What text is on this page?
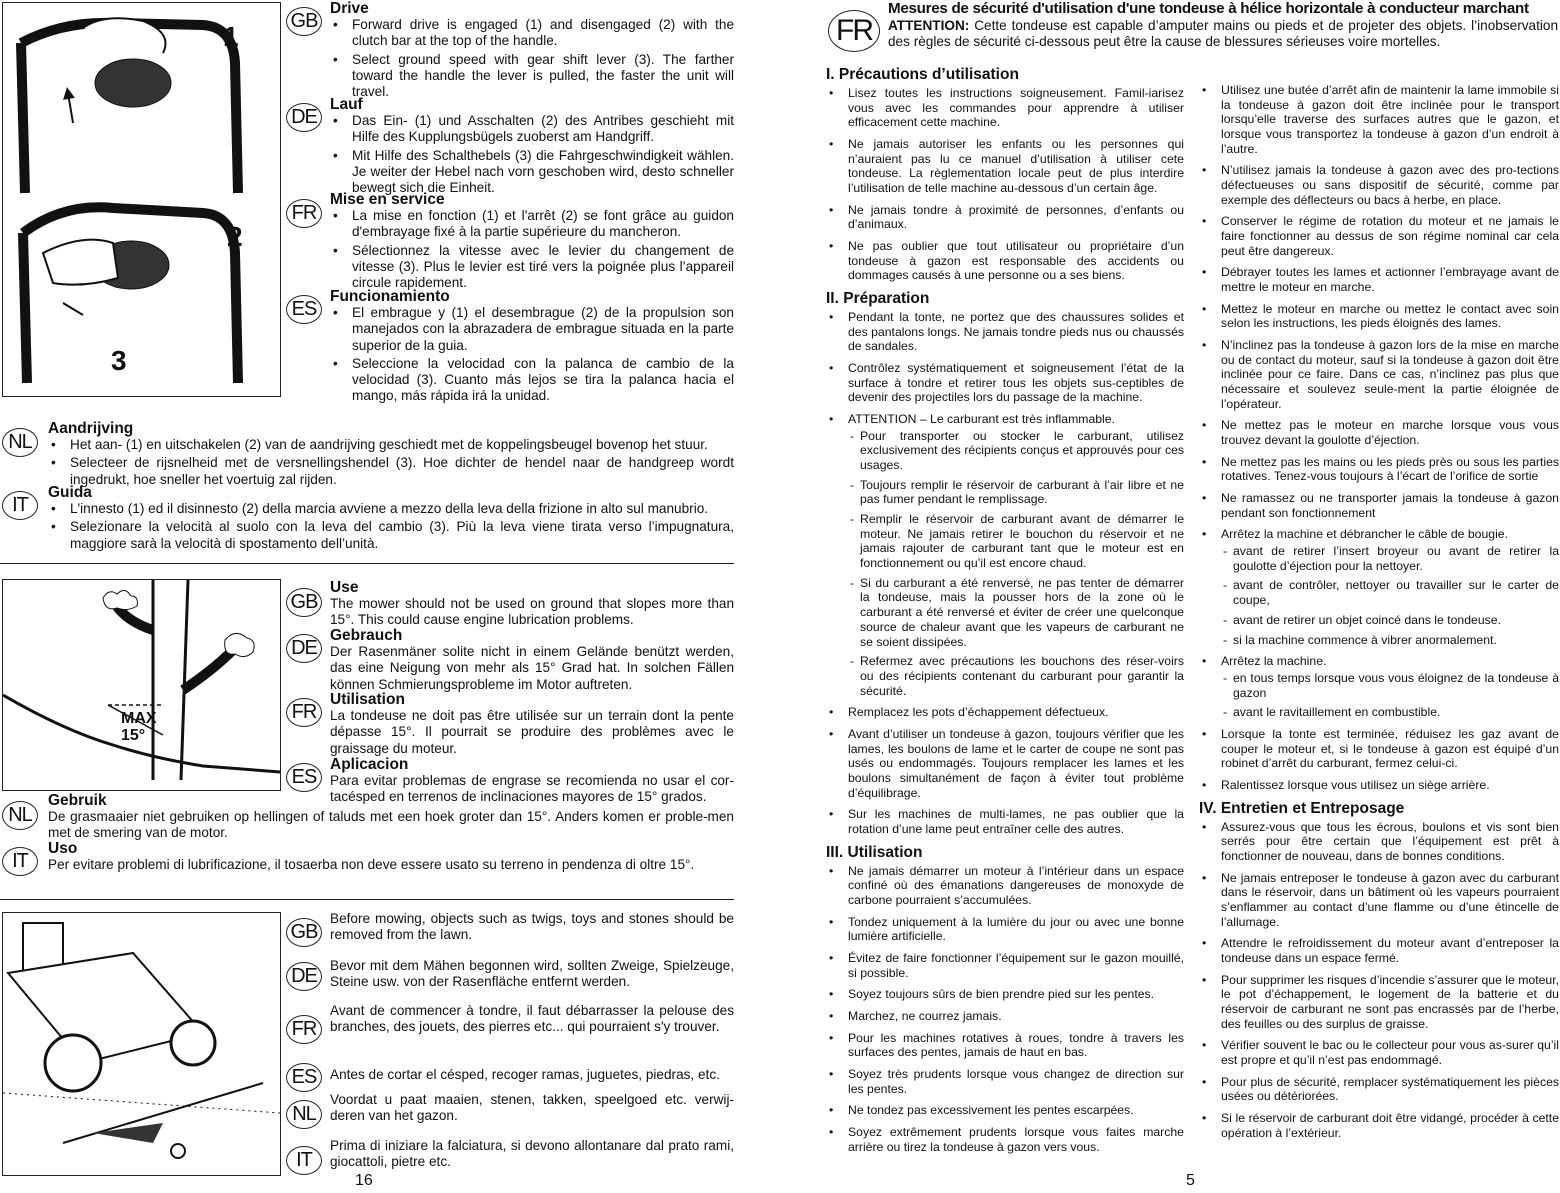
1
2
3
GB
Drive
• Forward drive is engaged (1) and disengaged (2) with the clutch bar at the top of the handle.
• Select ground speed with gear shift lever (3). The farther toward the handle the lever is pulled, the faster the unit will travel.
DE
Lauf
• Das Ein- (1) und Asschalten (2) des Antribes geschieht mit Hilfe des Kupplungsbügels zuoberst am Handgriff.
• Mit Hilfe des Schalthebels (3) die Fahrgeschwindigkeit wählen. Je weiter der Hebel nach vorn geschoben wird, desto schneller bewegt sich die Einheit.
FR
Mise en service
• La mise en fonction (1) et l'arrêt (2) se font grâce au guidon d'embrayage fixé à la partie supérieure du mancheron.
• Sélectionnez la vitesse avec le levier du changement de vitesse (3). Plus le levier est tiré vers la poignée plus l’appareil circule rapidement.
ES
Funcionamiento
• El embrague y (1) el desembrague (2) de la propulsion son manejados con la abrazadera de embrague situada en la parte superior de la guia.
• Seleccione la velocidad con la palanca de cambio de la velocidad (3). Cuanto más lejos se tira la palanca hacia el mango, más rápida irá la unidad.
NL
Aandrijving
• Het aan- (1) en uitschakelen (2) van de aandrijving geschiedt met de koppelingsbeugel bovenop het stuur.
• Selecteer de rijsnelheid met de versnellingshendel (3). Hoe dichter de hendel naar de handgreep wordt ingedrukt, hoe sneller het voertuig zal rijden.
IT
Guida
• L'innesto (1) ed il disinnesto (2) della marcia avviene a mezzo della leva della frizione in alto sul manubrio.
• Selezionare la velocità al suolo con la leva del cambio (3). Più la leva viene tirata verso l’impugnatura, maggiore sarà la velocità di spostamento dell’unità.
MAX
15°
GB
Use
The mower should not be used on ground that slopes more than 15°. This could cause engine lubrication problems.
DE
Gebrauch
Der Rasenmäner solite nicht in einem Gelände benützt werden, das eine Neigung von mehr als 15° Grad hat. In solchen Fällen können Schmierungsprobleme im Motor auftreten.
FR
Utilisation
La tondeuse ne doit pas être utilisée sur un terrain dont la pente dépasse 15°. Il pourrait se produire des problèmes avec le graissage du moteur.
ES
Aplicacion
Para evitar problemas de engrase se recomienda no usar el cor-tacésped en terrenos de inclinaciones mayores de 15° grados.
NL
Gebruik
De grasmaaier niet gebruiken op hellingen of taluds met een hoek groter dan 15°. Anders komen er proble-men met de smering van de motor.
IT
Uso
Per evitare problemi di lubrificazione, il tosaerba non deve essere usato su terreno in pendenza di oltre 15°.
GB
Before mowing, objects such as twigs, toys and stones should be removed from the lawn.
DE Bevor mit dem Mähen begonnen wird, sollten Zweige, Spielzeuge, Steine usw. von der Rasenfläche entfernt werden.
FR
Avant de commencer à tondre, il faut débarrasser la pelouse des branches, des jouets, des pierres etc... qui pourraient s'y trouver.
ES	Antes de cortar el césped, recoger ramas, juguetes, piedras, etc.
NL
Voordat u paat maaien, stenen, takken, speelgoed etc. verwij-deren van het gazon.
IT
Prima di iniziare la falciatura, si devono allontanare dal prato rami, giocattoli, pietre etc.
16
FR
Mesures de sécurité d'utilisation d'une tondeuse à hélice horizontale à conducteur marchant
ATTENTION: Cette tondeuse est capable d’amputer mains ou pieds et de projeter des objets. l’inobservation des règles de sécurité ci-dessous peut être la cause de blessures sérieuses voire mortelles.
I. Précautions d’utilisation
• Lisez toutes les instructions soigneusement. Famil-iarisez vous avec les commandes pour apprendre à utiliser efficacement cette machine.
• Ne jamais autoriser les enfants ou les personnes qui n’auraient pas lu ce manuel d’utilisation à utiliser cete tondeuse. La règlementation locale peut de plus interdire l’utilisation de telle machine au-dessous d’un certain âge.
• Ne jamais tondre à proximité de personnes, d’enfants ou d’animaux.
• Ne pas oublier que tout utilisateur ou propriétaire d’un tondeuse à gazon est responsable des accidents ou dommages causés à une personne ou a ses biens.
II. Préparation
• Pendant la tonte, ne portez que des chaussures solides et des pantalons longs. Ne jamais tondre pieds nus ou chaussés de sandales.
• Contrôlez systématiquement et soigneusement l’état de la surface à tondre et retirer tous les objets sus-ceptibles de devenir des projectiles lors du passage de la machine.
• ATTENTION – Le carburant est très inflammable.
- Pour transporter ou stocker le carburant, utilisez exclusivement des récipients conçus et approuvés pour ces usages.
- Toujours remplir le réservoir de carburant à l’air libre et ne pas fumer pendant le remplissage.
- Remplir le réservoir de carburant avant de démarrer le moteur. Ne jamais retirer le bouchon du réservoir et ne jamais rajouter de carburant tant que le moteur est en fonctionnement ou qu’il est encore chaud.
- Si du carburant a été renversé, ne pas tenter de démarrer la tondeuse, mais la pousser hors de la zone où le carburant a été renversé et éviter de créer une quelconque source de chaleur avant que les vapeurs de carburant ne se soient dissipées.
- Refermez avec précautions les bouchons des réser-voirs ou des récipients contenant du carburant pour garantir la sécurité.
• Remplacez les pots d’échappement défectueux.
• Avant d’utiliser un tondeuse à gazon, toujours vérifier que les lames, les boulons de lame et le carter de coupe ne sont pas usés ou endommagés. Toujours remplacer les lames et les boulons simultanément de façon à éviter tout problème d’équilibrage.
• Sur les machines de multi-lames, ne pas oublier que la rotation d’une lame peut entraîner celle des autres.
III. Utilisation
• Ne jamais démarrer un moteur à l’intérieur dans un espace confiné où des émanations dangereuses de monoxyde de carbone pourraient s’accumulées.
• Tondez uniquement à la lumière du jour ou avec une bonne lumière artificielle.
• Évitez de faire fonctionner l’équipement sur le gazon mouillé, si possible.
• Soyez toujours sûrs de bien prendre pied sur les pentes.
• Marchez, ne courrez jamais.
• Pour les machines rotatives à roues, tondre à travers les surfaces des pentes, jamais de haut en bas.
• Soyez très prudents lorsque vous changez de direction sur les pentes.
• Ne tondez pas excessivement les pentes escarpées.
• Soyez extrêmement prudents lorsque vous faites marche arrière ou tirez la tondeuse à gazon vers vous.
• Utilisez une butée d’arrêt afin de maintenir la lame immobile si la tondeuse à gazon doit être inclinée pour le transport lorsqu’elle traverse des surfaces autres que le gazon, et lorsque vous transportez la tondeuse à gazon d’un endroit à l’autre.
• N’utilisez jamais la tondeuse à gazon avec des pro-tections défectueuses ou sans dispositif de sécurité, comme par exemple des déflecteurs ou bacs à herbe, en place.
• Conserver le régime de rotation du moteur et ne jamais le faire fonctionner au dessus de son régime nominal car cela peut être dangereux.
• Débrayer toutes les lames et actionner l’embrayage avant de mettre le moteur en marche.
• Mettez le moteur en marche ou mettez le contact avec soin selon les instructions, les pieds éloignés des lames.
• N’inclinez pas la tondeuse à gazon lors de la mise en marche ou de contact du moteur, sauf si la tondeuse à gazon doit être inclinée pour ce faire. Dans ce cas, n’inclinez pas plus que nécessaire et soulevez seule-ment la partie éloignée de l’opérateur.
• Ne mettez pas le moteur en marche lorsque vous vous trouvez devant la goulotte d’éjection.
• Ne mettez pas les mains ou les pieds près ou sous les parties rotatives. Tenez-vous toujours à l’écart de l’orifice de sortie
• Ne ramassez ou ne transporter jamais la tondeuse à gazon pendant son fonctionnement
• Arrêtez la machine et débrancher le câble de bougie.
- avant de retirer l’insert broyeur ou avant de retirer la goulotte d’éjection pour la nettoyer.
- avant de contrôler, nettoyer ou travailler sur le carter de coupe,
- avant de retirer un objet coincé dans le tondeuse.
- si la machine commence à vibrer anormalement.
• Arrêtez la machine.
- en tous temps lorsque vous vous éloignez de la tondeuse à gazon
- avant le ravitaillement en combustible.
• Lorsque la tonte est terminée, réduisez les gaz avant de couper le moteur et, si le tondeuse à gazon est équipé d’un robinet d’arrêt du carburant, fermez celui-ci.
• Ralentissez lorsque vous utilisez un siège arrière.
IV. Entretien et Entreposage
• Assurez-vous que tous les écrous, boulons et vis sont bien serrés pour être certain que l’équipement est prêt à fonctionner de nouveau, dans de bonnes conditions.
• Ne jamais entreposer le tondeuse à gazon avec du carburant dans le réservoir, dans un bâtiment où les vapeurs pourraient s’enflammer au contact d’une flamme ou d’une étincelle de l’allumage.
• Attendre le refroidissement du moteur avant d’entreposer la tondeuse dans un espace fermé.
• Pour supprimer les risques d’incendie s’assurer que le moteur, le pot d’échappement, le logement de la batterie et du réservoir de carburant ne sont pas encrassés par de l’herbe, des feuilles ou des surplus de graisse.
• Vérifier souvent le bac ou le collecteur pour vous as-surer qu’il est propre et qu’il n’est pas endommagé.
• Pour plus de sécurité, remplacer systématiquement les pièces usées ou détériorées.
• Si le réservoir de carburant doit être vidangé, procéder à cette opération à l’extérieur.
5
